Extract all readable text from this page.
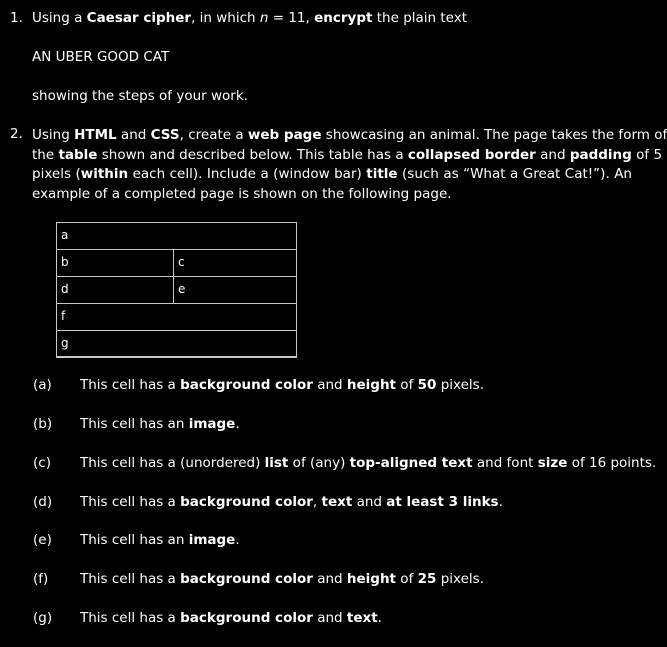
1. Using a Caesar cipher, in which n = 11, encrypt the plain text
AN UBER GOOD CAT
showing the steps of your work.
2. Using HTML and CSS, create a web page showcasing an animal. The page takes the form of
the table shown and described below. This table has a collapsed border and padding of 5
pixels (within each cell). Include a (window bar) title (such as “What a Great Cat!”). An
example of a completed page is shown on the following page.
a
b	c
d	e
f
g
(a) This cell has a background color and height of 50 pixels.
(b) This cell has an image.
(c) This cell has a (unordered) list of (any) top-aligned text and font size of 16 points.
(d) This cell has a background color, text and at least 3 links.
(e) This cell has an image.
(f) This cell has a background color and height of 25 pixels.
(g) This cell has a background color and text.
